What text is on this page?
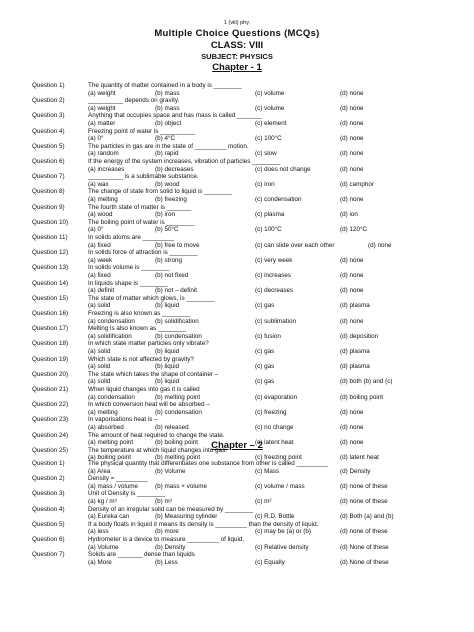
1 (viii) phy.
Multiple Choice Questions (MCQs)
CLASS: VIII
SUBJECT: PHYSICS
Chapter - 1
Question 1)	The quantity of matter contained in a body is ________
(a) weight	(b) mass	(c) volume	(d) none
Question 2)	__________ depends on gravity.
(a) weight	(b) mass	(c) volume	(d) none
Question 3)	Anything that occupies space and has mass is called _______
(a) matter	(b) object	(c) element	(d) none
Question 4)	Freezing point of water is __________
(a) 0°	(b) 4°C	(c) 100°C	(d) none
Question 5)	The particles in gas are in the state of _________ motion.
(a) random	(b) rapid	(c) slow	(d) none
Question 6)	If the energy of the system increases, vibration of particles ________
(a) increases	(b) decreases	(c) does not change	(d) none
Question 7)	__________ is a sublimable substance.
(a) wax	(b) wood	(c) iron	(d) camphor
Question 8)	The change of state from solid to liquid is ________
(a) melting	(b) freezing	(c) condensation	(d) none
Question 9)	The fourth state of matter is _______
(a) wood	(b) iron	(c) plasma	(d) ion
Question 10)	The boiling point of water is ________
(a) 0°	(b) 50°C	(c) 100°C	(d) 120°C
Question 11)	In solids atoms are _________
(a) fixed	(b) free to move	(c) can slide over each other	(d) none
Question 12)	In solids force of attraction is ________
(a) week	(b) strong	(c) very week	(d) none
Question 13)	In solids volume is ________
(a) fixed	(b) not fixed	(c) increases	(d) none
Question 14)	In liquids shape is ________
(a) definit	(b) not – definit	(c) decreases	(d) none
Question 15)	The state of matter which glows, is ________
(a) solid	(b) liquid	(c) gas	(d) plasma
Question 16)	Freezing is also known as ________
(a) condensation	(b) solidification	(c) sublimation	(d) none
Question 17)	Melting is also known as ________
(a) solidification	(b) condensation	(c) fusion	(d) deposition
Question 18)	In which state matter particles only vibrate?
(a) solid	(b) liquid	(c) gas	(d) plasma
Question 19)	Which state is not affected by gravity?
(a) solid	(b) liquid	(c) gas	(d) plasma
Question 20)	The state which takes the shape of container –
(a) solid	(b) liquid	(c) gas	(d) both (b) and (c)
Question 21)	When liquid changes into gas it is called
(a) condensation	(b) melting point	(c) evaporation	(d) boiling point
Question 22)	In which conversion heat will be absorbed –
(a) melting	(b) condensation	(c) freezing	(d) none
Question 23)	In vaporisations heat is –
(a) absorbed	(b) released	(c) no change	(d) none
Question 24)	The amount of heat required to change the state.
(a) melting point	(b) boiling point	(c) latent heat	(d) none
Question 25)	The temperature at which liquid changes into gas.
(a) boiling point	(b) melting point	(c) freezing point	(d) latent heat
Chapter – 2
Question 1)	The physical quantity that differentiates one substance from other is called _________
(a) Area	(b) Volume	(c) Mass	(d) Density
Question 2)	Density = _________
(a) mass / volume	(b) mass × volume	(c) volume / mass	(d) none of these
Question 3)	Unit of Density is ________
(a) kg / m³	(b) m³	(c) m²	(d) none of these
Question 4)	Density of an irregular solid can be measured by ________
(a) Eureka can	(b) Measuring cylinder	(c) R.D. Bottle	(d) Both (a) and (b)
Question 5)	If a body floats in liquid it means its density is _________ than the density of liquid.
(a) less	(b) more	(c) may be (a) or (b)	(d) none of these
Question 6)	Hydrometer is a device to measure _________ of liquid.
(a) Volume	(b) Density	(c) Relative density	(d) None of these
Question 7)	Solids are _______ dense than liquids
(a) More	(b) Less	(c) Equally	(d) None of these
